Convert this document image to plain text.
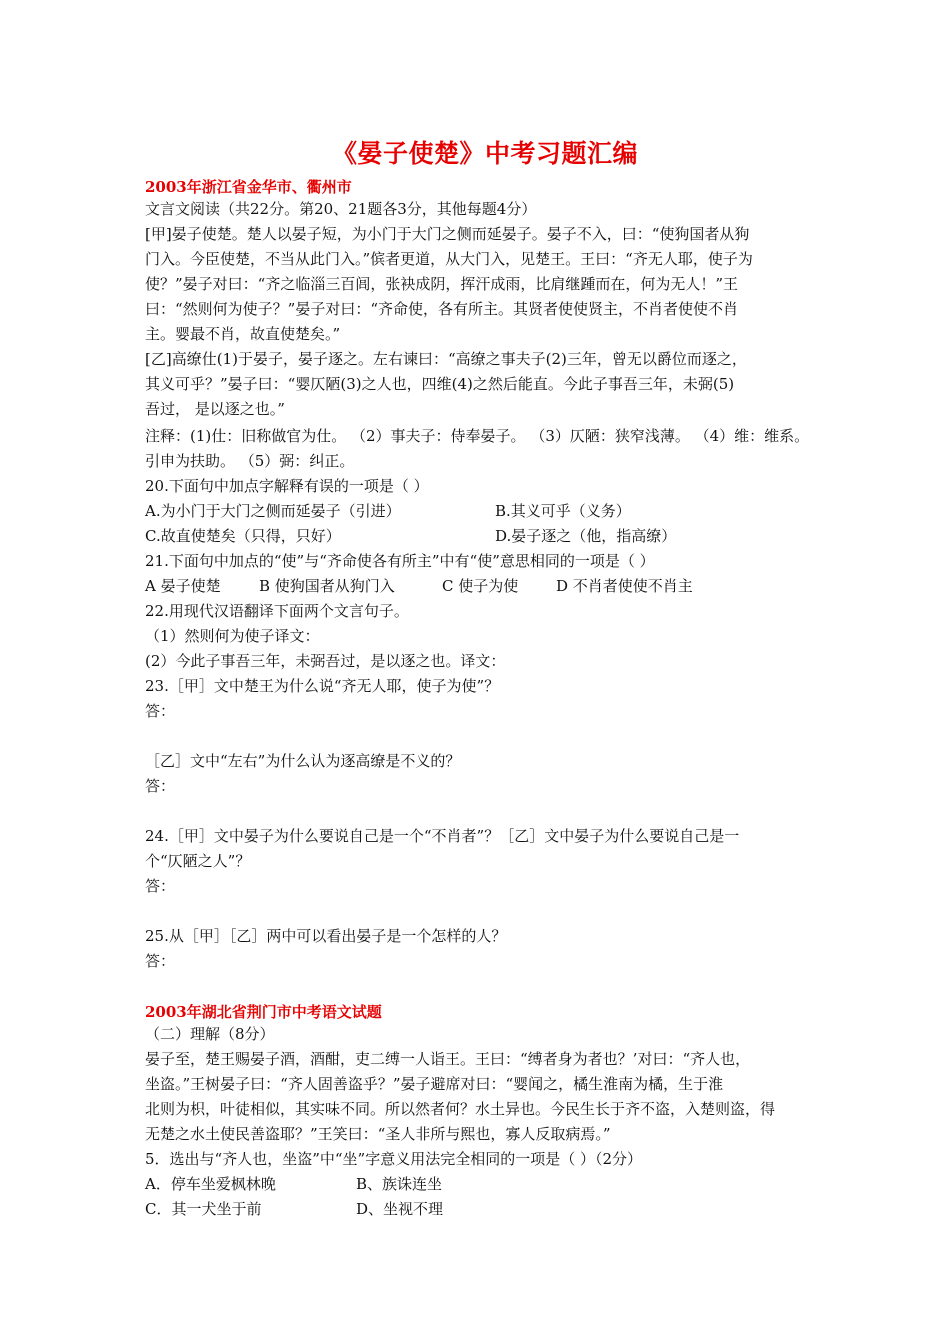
《晏子使楚》中考习题汇编
2003年浙江省金华市、衢州市
文言文阅读（共22分。第20、21题各3分，其他每题4分）
[甲]晏子使楚。楚人以晏子短，为小门于大门之侧而延晏子。晏子不入，曰：“使狗国者从狗
门入。今臣使楚，不当从此门入。”傧者更道，从大门入，见楚王。王曰：“齐无人耶，使子为
使？”晏子对曰：“齐之临淄三百闾，张袂成阴，挥汗成雨，比肩继踵而在，何为无人！”王
曰：“然则何为使子？”晏子对曰：“齐命使，各有所主。其贤者使使贤主，不肖者使使不肖
主。婴最不肖，故直使楚矣。”
[乙]高缭仕(1)于晏子，晏子逐之。左右谏曰：“高缭之事夫子(2)三年，曾无以爵位而逐之，
其义可乎？”晏子曰：“婴仄陋(3)之人也，四维(4)之然后能直。今此子事吾三年，未弼(5)
吾过， 是以逐之也。”
注释：(1)仕：旧称做官为仕。 （2）事夫子：侍奉晏子。 （3）仄陋：狭窄浅薄。 （4）维：维系。
引申为扶助。 （5）弼：纠正。
20.下面句中加点字解释有误的一项是（ ）
A.为小门于大门之侧而延晏子（引进）	B.其义可乎（义务）
C.故直使楚矣（只得，只好）	D.晏子逐之（他，指高缭）
21.下面句中加点的“使”与“齐命使各有所主”中有“使”意思相同的一项是（ ）
A 晏子使楚	B 使狗国者从狗门入	C 使子为使	D 不肖者使使不肖主
22.用现代汉语翻译下面两个文言句子。
（1）然则何为使子译文：
(2）今此子事吾三年，未弼吾过，是以逐之也。译文：
23.［甲］文中楚王为什么说“齐无人耶，使子为使”？
答：
［乙］文中“左右”为什么认为逐高缭是不义的？
答：
24.［甲］文中晏子为什么要说自己是一个“不肖者”？［乙］文中晏子为什么要说自己是一
个“仄陋之人”？
答：
25.从［甲］［乙］两中可以看出晏子是一个怎样的人？
答：
2003年湖北省荆门市中考语文试题
（二）理解（8分）
晏子至，楚王赐晏子酒，酒酣，吏二缚一人诣王。王曰：“缚者身为者也？’对曰：“齐人也，
坐盗。”王树晏子曰：“齐人固善盗乎？”晏子避席对曰：“婴闻之，橘生淮南为橘，生于淮
北则为枳，叶徒相似，其实味不同。所以然者何？水土异也。今民生长于齐不盗，入楚则盗，得
无楚之水土使民善盗耶？”王笑曰：“圣人非所与熙也，寡人反取病焉。”
5．选出与“齐人也，坐盗”中“坐”字意义用法完全相同的一项是（ ）（2分）
A．停车坐爱枫林晚	B、族诛连坐
C．其一犬坐于前	D、坐视不理
